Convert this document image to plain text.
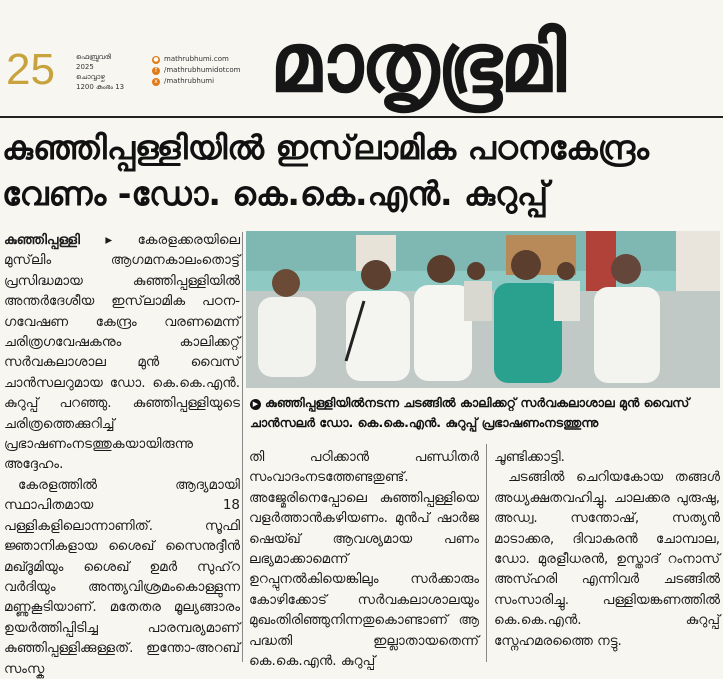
25	ഫെബ്രുവരി
2025
ചൊവ്വാഴ്ച
1200 കുംഭം 13
● mathrubhumi.com
f /mathrubhumidotcom
x /mathrubhumi മാതൃഭൂമി
കുഞ്ഞിപ്പള്ളിയിൽ ഇസ്‌ലാമിക പഠനകേന്ദ്രം
വേണം -ഡോ. കെ.കെ.എൻ. കുറുപ്പ്

കുഞ്ഞിപ്പള്ളി ▸ കേരളക്കരയിലെ മുസ്‌ലിം ആഗമനകാലംതൊട്ട് പ്രസിദ്ധമായ കുഞ്ഞിപ്പള്ളിയിൽ അന്തർദേശീയ ഇസ്‌ലാമിക പഠന-ഗവേഷണ കേന്ദ്രം വരണമെന്ന് ചരിത്രഗവേഷകനും കാലിക്കറ്റ് സർവകലാശാല മുൻ വൈസ് ചാൻസലറുമായ ഡോ. കെ.കെ.എൻ. കുറുപ്പ് പറഞ്ഞു. കുഞ്ഞിപ്പള്ളിയുടെ ചരിത്രത്തെക്കുറിച്ച് പ്രഭാഷണംനടത്തുകയായിരുന്നു അദ്ദേഹം.

കേരളത്തിൽ ആദ്യമായി സ്ഥാപിതമായ 18 പള്ളികളിലൊന്നാണിത്. സൂഫി ജ്ഞാനികളായ ശൈഖ് സൈനുദ്ദീൻ മഖ്ദൂമിയും ശൈഖ് ഉമർ സുഹ്‌റ വർദിയും അന്ത്യവിശ്രമംകൊള്ളുന്ന മണ്ണുകൂടിയാണ്. മതേതര മൂല്യങ്ങാരം ഉയർത്തിപ്പിടിച്ച പാരമ്പര്യമാണ് കുഞ്ഞിപ്പള്ളിക്കുള്ളത്. ഇന്തോ-അറബ് സംസ്ക

▶ കുഞ്ഞിപ്പള്ളിയിൽനടന്ന ചടങ്ങിൽ കാലിക്കറ്റ് സർവകലാശാല മുൻ വൈസ് ചാൻസലർ ഡോ. കെ.കെ.എൻ. കുറുപ്പ് പ്രഭാഷണംനടത്തുന്നു

തി പഠിക്കാൻ പണ്ഡിതർ സംവാദംനടത്തേണ്ടതുണ്ട്. അജ്മേരിനെപ്പോലെ കുഞ്ഞിപ്പള്ളിയെ വളർത്താൻകഴിയണം. മുൻപ് ഷാർജ ഷെയ്ഖ് ആവശ്യമായ പണം ലഭ്യമാക്കാമെന്ന് ഉറപ്പുനൽകിയെങ്കിലും സർക്കാരും കോഴിക്കോട് സർവകലാശാലയും മുഖംതിരിഞ്ഞുനിന്നതുകൊണ്ടാണ് ആ പദ്ധതി ഇല്ലാതായതെന്ന് കെ.കെ.എൻ. കുറുപ്പ്

ചൂണ്ടിക്കാട്ടി.

ചടങ്ങിൽ ചെറിയകോയ തങ്ങൾ അധ്യക്ഷതവഹിച്ചു. ചാലക്കര പുരുഷു, അഡ്വ. സന്തോഷ്, സത്യൻ മാടാക്കര, ദിവാകരൻ ചോമ്പാല, ഡോ. മുരളീധരൻ, ഉസ്താദ് റംനാസ് അസ്ഹരി എന്നിവർ ചടങ്ങിൽ സംസാരിച്ചു. പള്ളിയങ്കണത്തിൽ കെ.കെ.എൻ. കുറുപ്പ് സ്നേഹമരത്തൈ നട്ടു.
